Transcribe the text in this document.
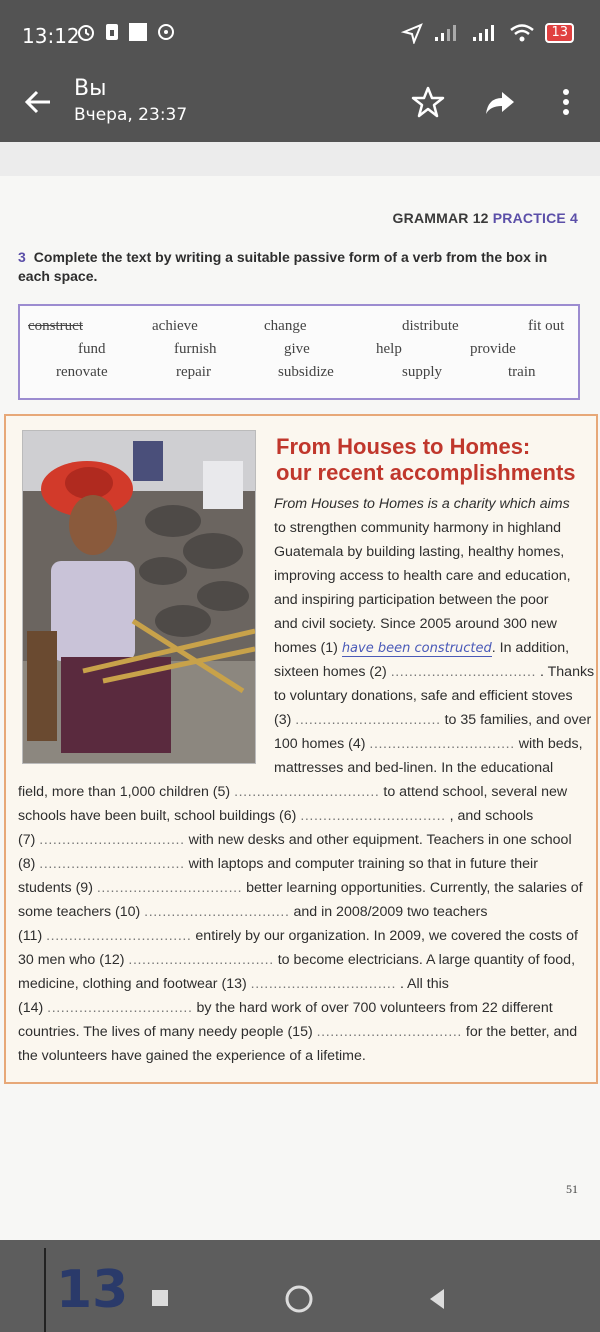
13:12	13
Вы
Вчера, 23:37
GRAMMAR 12 PRACTICE 4
3 Complete the text by writing a suitable passive form of a verb from the box in each space.
construct	achieve	change	distribute	fit out
fund	furnish	give	help	provide
renovate	repair	subsidize	supply	train
From Houses to Homes:
our recent accomplishments
From Houses to Homes is a charity which aims
to strengthen community harmony in highland
Guatemala by building lasting, healthy homes,
improving access to health care and education,
and inspiring participation between the poor
and civil society. Since 2005 around 300 new
homes (1) have been constructed. In addition,
sixteen homes (2) ................................ . Thanks
to voluntary donations, safe and efficient stoves
(3) ................................ to 35 families, and over
100 homes (4) ................................ with beds,
mattresses and bed-linen. In the educational
field, more than 1,000 children (5) ................................ to attend school, several new
schools have been built, school buildings (6) ................................ , and schools
(7) ................................ with new desks and other equipment. Teachers in one school
(8) ................................ with laptops and computer training so that in future their
students (9) ................................ better learning opportunities. Currently, the salaries of
some teachers (10) ................................ and in 2008/2009 two teachers
(11) ................................ entirely by our organization. In 2009, we covered the costs of
30 men who (12) ................................ to become electricians. A large quantity of food,
medicine, clothing and footwear (13) ................................ . All this
(14) ................................ by the hard work of over 700 volunteers from 22 different
countries. The lives of many needy people (15) ................................ for the better, and
the volunteers have gained the experience of a lifetime.
51
13
